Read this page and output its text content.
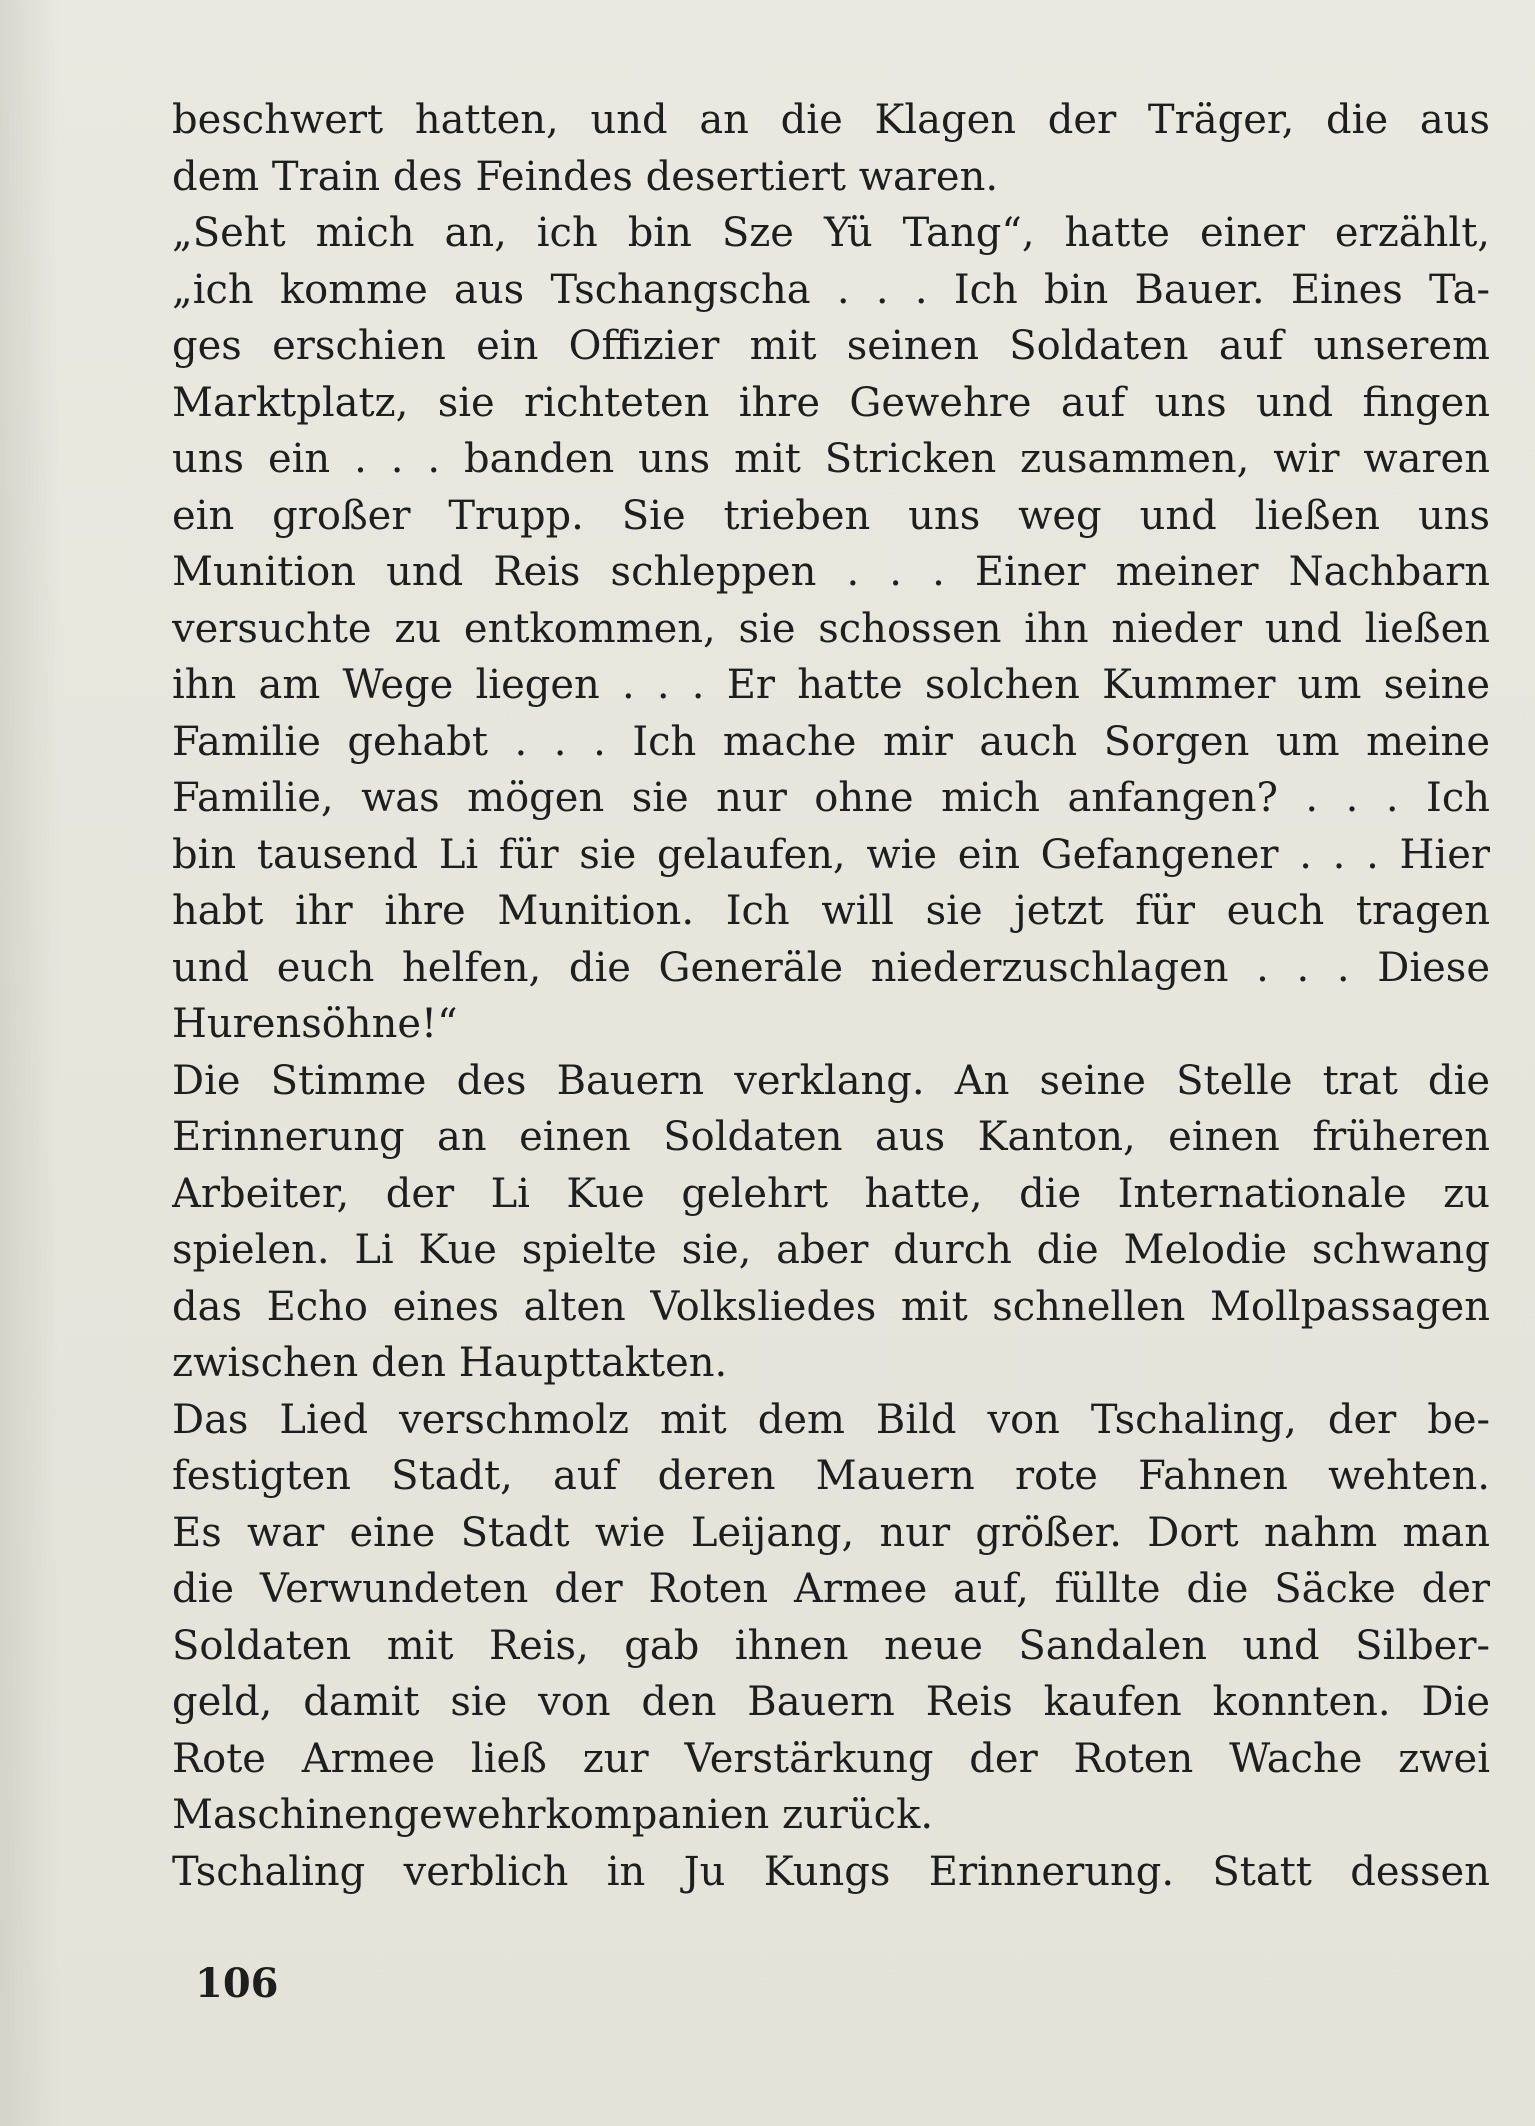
beschwert hatten, und an die Klagen der Träger, die aus
dem Train des Feindes desertiert waren.
„Seht mich an, ich bin Sze Yü Tang“, hatte einer erzählt,
„ich komme aus Tschangscha . . . Ich bin Bauer. Eines Ta-
ges erschien ein Offizier mit seinen Soldaten auf unserem
Marktplatz, sie richteten ihre Gewehre auf uns und fingen
uns ein . . . banden uns mit Stricken zusammen, wir waren
ein großer Trupp. Sie trieben uns weg und ließen uns
Munition und Reis schleppen . . . Einer meiner Nachbarn
versuchte zu entkommen, sie schossen ihn nieder und ließen
ihn am Wege liegen . . . Er hatte solchen Kummer um seine
Familie gehabt . . . Ich mache mir auch Sorgen um meine
Familie, was mögen sie nur ohne mich anfangen? . . . Ich
bin tausend Li für sie gelaufen, wie ein Gefangener . . . Hier
habt ihr ihre Munition. Ich will sie jetzt für euch tragen
und euch helfen, die Generäle niederzuschlagen . . . Diese
Hurensöhne!“
Die Stimme des Bauern verklang. An seine Stelle trat die
Erinnerung an einen Soldaten aus Kanton, einen früheren
Arbeiter, der Li Kue gelehrt hatte, die Internationale zu
spielen. Li Kue spielte sie, aber durch die Melodie schwang
das Echo eines alten Volksliedes mit schnellen Mollpassagen
zwischen den Haupttakten.
Das Lied verschmolz mit dem Bild von Tschaling, der be-
festigten Stadt, auf deren Mauern rote Fahnen wehten.
Es war eine Stadt wie Leijang, nur größer. Dort nahm man
die Verwundeten der Roten Armee auf, füllte die Säcke der
Soldaten mit Reis, gab ihnen neue Sandalen und Silber-
geld, damit sie von den Bauern Reis kaufen konnten. Die
Rote Armee ließ zur Verstärkung der Roten Wache zwei
Maschinengewehrkompanien zurück.
Tschaling verblich in Ju Kungs Erinnerung. Statt dessen
106
